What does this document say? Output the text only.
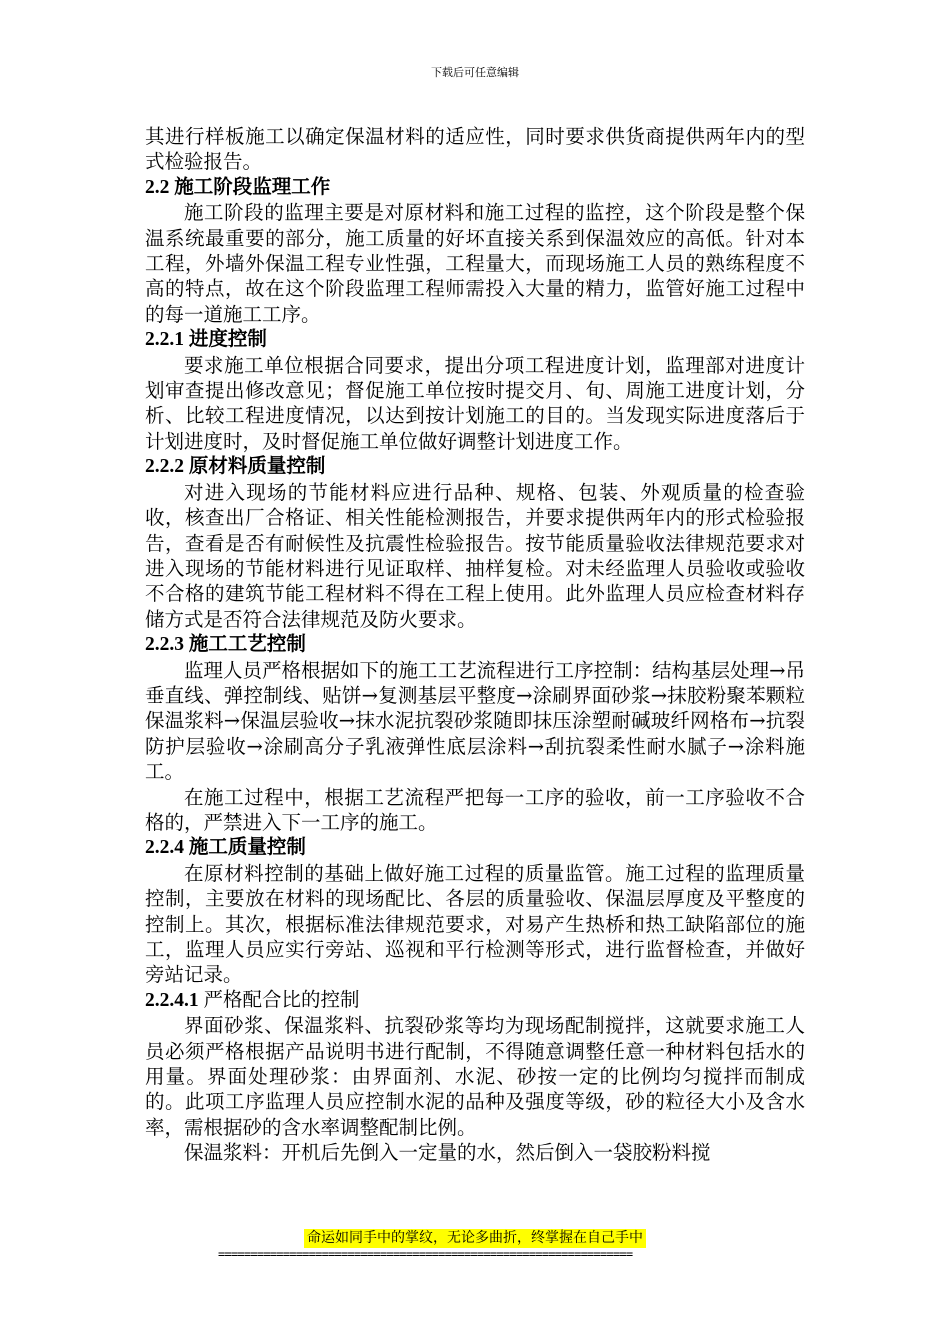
下载后可任意编辑

其进行样板施工以确定保温材料的适应性，同时要求供货商提供两年内的型式检验报告。

2.2 施工阶段监理工作

施工阶段的监理主要是对原材料和施工过程的监控，这个阶段是整个保温系统最重要的部分，施工质量的好坏直接关系到保温效应的高低。针对本工程，外墙外保温工程专业性强，工程量大，而现场施工人员的熟练程度不高的特点，故在这个阶段监理工程师需投入大量的精力，监管好施工过程中的每一道施工工序。

2.2.1 进度控制

要求施工单位根据合同要求，提出分项工程进度计划，监理部对进度计划审查提出修改意见；督促施工单位按时提交月、旬、周施工进度计划，分析、比较工程进度情况，以达到按计划施工的目的。当发现实际进度落后于计划进度时，及时督促施工单位做好调整计划进度工作。

2.2.2 原材料质量控制

对进入现场的节能材料应进行品种、规格、包装、外观质量的检查验收，核查出厂合格证、相关性能检测报告，并要求提供两年内的形式检验报告，查看是否有耐候性及抗震性检验报告。按节能质量验收法律规范要求对进入现场的节能材料进行见证取样、抽样复检。对未经监理人员验收或验收不合格的建筑节能工程材料不得在工程上使用。此外监理人员应检查材料存储方式是否符合法律规范及防火要求。

2.2.3 施工工艺控制

监理人员严格根据如下的施工工艺流程进行工序控制：结构基层处理→吊垂直线、弹控制线、贴饼→复测基层平整度→涂刷界面砂浆→抹胶粉聚苯颗粒保温浆料→保温层验收→抹水泥抗裂砂浆随即抹压涂塑耐碱玻纤网格布→抗裂防护层验收→涂刷高分子乳液弹性底层涂料→刮抗裂柔性耐水腻子→涂料施工。

在施工过程中，根据工艺流程严把每一工序的验收，前一工序验收不合格的，严禁进入下一工序的施工。

2.2.4 施工质量控制

在原材料控制的基础上做好施工过程的质量监管。施工过程的监理质量控制，主要放在材料的现场配比、各层的质量验收、保温层厚度及平整度的控制上。其次，根据标准法律规范要求，对易产生热桥和热工缺陷部位的施工，监理人员应实行旁站、巡视和平行检测等形式，进行监督检查，并做好旁站记录。

2.2.4.1 严格配合比的控制

界面砂浆、保温浆料、抗裂砂浆等均为现场配制搅拌，这就要求施工人员必须严格根据产品说明书进行配制，不得随意调整任意一种材料包括水的用量。界面处理砂浆：由界面剂、水泥、砂按一定的比例均匀搅拌而制成的。此项工序监理人员应控制水泥的品种及强度等级，砂的粒径大小及含水率，需根据砂的含水率调整配制比例。

保温浆料：开机后先倒入一定量的水，然后倒入一袋胶粉料搅

命运如同手中的掌纹，无论多曲折，终掌握在自己手中
================================================================
